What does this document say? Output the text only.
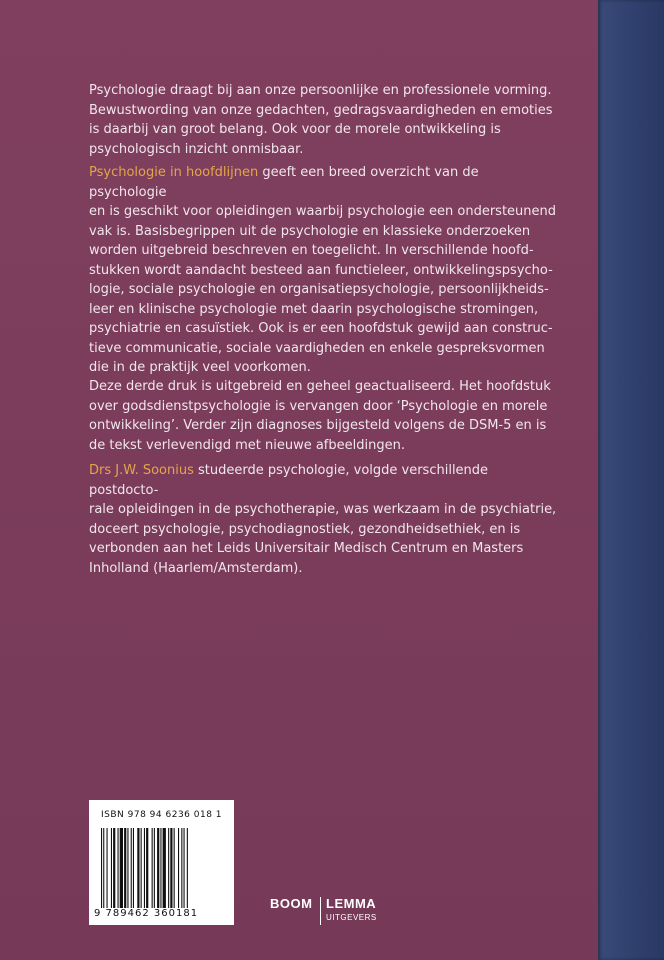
Psychologie draagt bij aan onze persoonlijke en professionele vorming.

Bewustwording van onze gedachten, gedragsvaardigheden en emoties

is daarbij van groot belang. Ook voor de morele ontwikkeling is

psychologisch inzicht onmisbaar.

Psychologie in hoofdlijnen geeft een breed overzicht van de psychologie

en is geschikt voor opleidingen waarbij psychologie een ondersteunend

vak is. Basisbegrippen uit de psychologie en klassieke onderzoeken

worden uitgebreid beschreven en toegelicht. In verschillende hoofd-

stukken wordt aandacht besteed aan functieleer, ontwikkelingspsycho-

logie, sociale psychologie en organisatiepsychologie, persoonlijkheids-

leer en klinische psychologie met daarin psychologische stromingen,

psychiatrie en casuïstiek. Ook is er een hoofdstuk gewijd aan construc-

tieve communicatie, sociale vaardigheden en enkele gespreksvormen

die in de praktijk veel voorkomen.

Deze derde druk is uitgebreid en geheel geactualiseerd. Het hoofdstuk

over godsdienstpsychologie is vervangen door ‘Psychologie en morele

ontwikkeling’. Verder zijn diagnoses bijgesteld volgens de DSM-5 en is

de tekst verlevendigd met nieuwe afbeeldingen.

Drs J.W. Soonius studeerde psychologie, volgde verschillende postdocto-

rale opleidingen in de psychotherapie, was werkzaam in de psychiatrie,

doceert psychologie, psychodiagnostiek, gezondheidsethiek, en is

verbonden aan het Leids Universitair Medisch Centrum en Masters

Inholland (Haarlem/Amsterdam).

ISBN 978 94 6236 018 1
9 789462 360181
BOOM LEMMA
UITGEVERS
